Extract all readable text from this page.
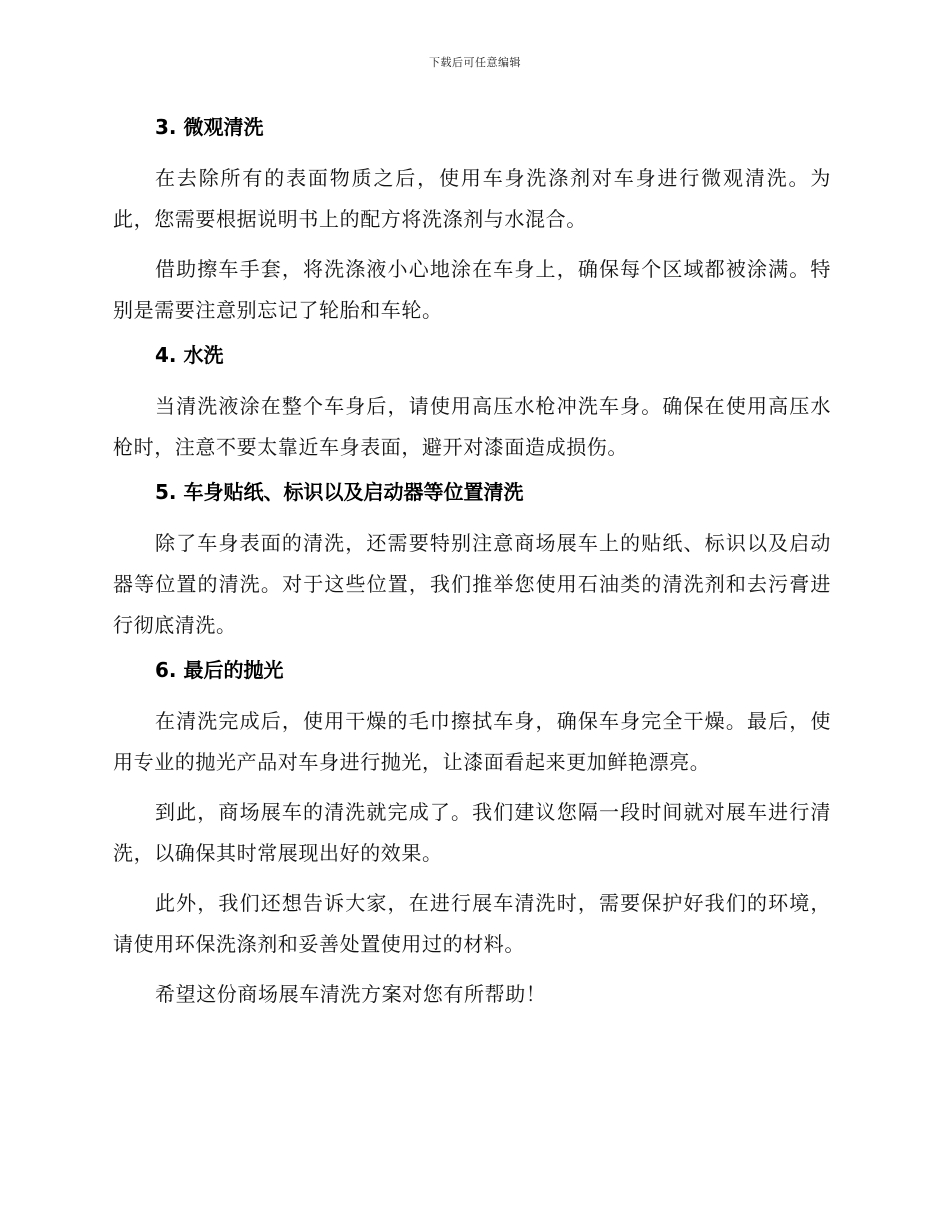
下载后可任意编辑
3. 微观清洗

在去除所有的表面物质之后，使用车身洗涤剂对车身进行微观清洗。为此，您需要根据说明书上的配方将洗涤剂与水混合。

借助擦车手套，将洗涤液小心地涂在车身上，确保每个区域都被涂满。特别是需要注意别忘记了轮胎和车轮。

4. 水洗

当清洗液涂在整个车身后，请使用高压水枪冲洗车身。确保在使用高压水枪时，注意不要太靠近车身表面，避开对漆面造成损伤。

5. 车身贴纸、标识以及启动器等位置清洗

除了车身表面的清洗，还需要特别注意商场展车上的贴纸、标识以及启动器等位置的清洗。对于这些位置，我们推举您使用石油类的清洗剂和去污膏进行彻底清洗。

6. 最后的抛光

在清洗完成后，使用干燥的毛巾擦拭车身，确保车身完全干燥。最后，使用专业的抛光产品对车身进行抛光，让漆面看起来更加鲜艳漂亮。

到此，商场展车的清洗就完成了。我们建议您隔一段时间就对展车进行清洗，以确保其时常展现出好的效果。

此外，我们还想告诉大家，在进行展车清洗时，需要保护好我们的环境，请使用环保洗涤剂和妥善处置使用过的材料。

希望这份商场展车清洗方案对您有所帮助！
